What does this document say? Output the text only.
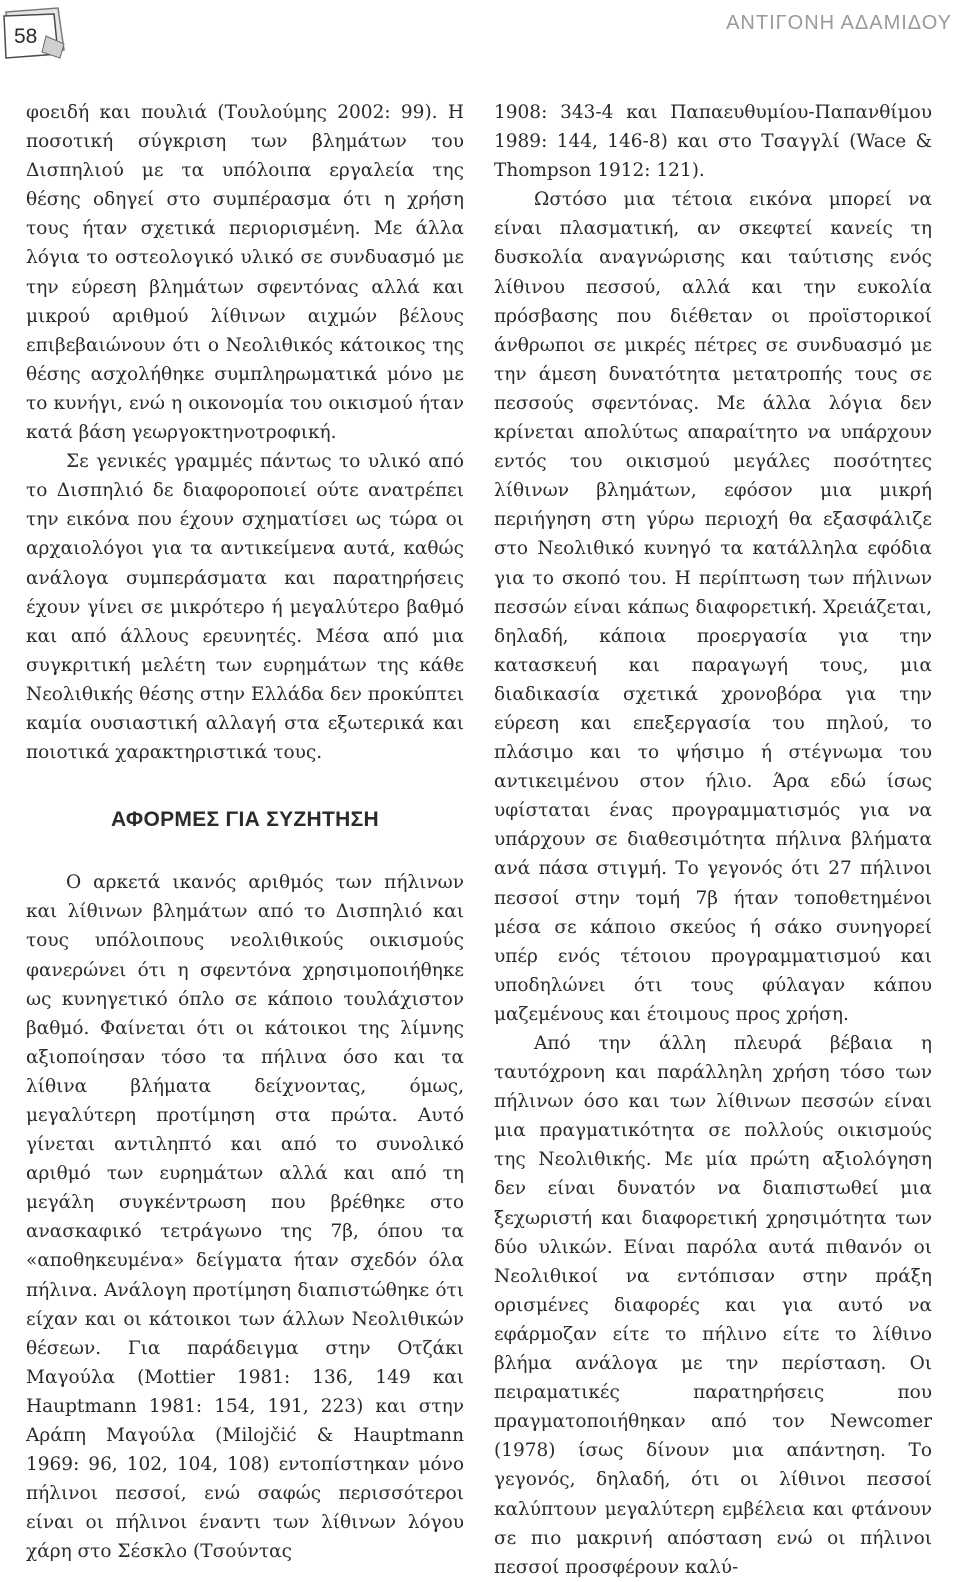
58
ΑΝΤΙΓΟΝΗ ΑΔΑΜΙΔΟΥ

φοειδή και πουλιά (Τουλούμης 2002: 99). Η ποσοτική σύγκριση των βλημάτων του Δισπηλιού με τα υπόλοιπα εργαλεία της θέσης οδηγεί στο συμπέρασμα ότι η χρήση τους ήταν σχετικά περιορισμένη. Με άλλα λόγια το οστεολογικό υλικό σε συνδυασμό με την εύρεση βλημάτων σφεντόνας αλλά και μικρού αριθμού λίθινων αιχμών βέλους επιβεβαιώνουν ότι ο Νεολιθικός κάτοικος της θέσης ασχολήθηκε συμπληρωματικά μόνο με το κυνήγι, ενώ η οικονομία του οικισμού ήταν κατά βάση γεωργοκτηνοτροφική.

Σε γενικές γραμμές πάντως το υλικό από το Δισπηλιό δε διαφοροποιεί ούτε ανατρέπει την εικόνα που έχουν σχηματίσει ως τώρα οι αρχαιολόγοι για τα αντικείμενα αυτά, καθώς ανάλογα συμπεράσματα και παρατηρήσεις έχουν γίνει σε μικρότερο ή μεγαλύτερο βαθμό και από άλλους ερευνητές. Μέσα από μια συγκριτική μελέτη των ευρημάτων της κάθε Νεολιθικής θέσης στην Ελλάδα δεν προκύπτει καμία ουσιαστική αλλαγή στα εξωτερικά και ποιοτικά χαρακτηριστικά τους.

ΑΦΟΡΜΕΣ ΓΙΑ ΣΥΖΗΤΗΣΗ

Ο αρκετά ικανός αριθμός των πήλινων και λίθινων βλημάτων από το Δισπηλιό και τους υπόλοιπους νεολιθικούς οικισμούς φανερώνει ότι η σφεντόνα χρησιμοποιήθηκε ως κυνηγετικό όπλο σε κάποιο τουλάχιστον βαθμό. Φαίνεται ότι οι κάτοικοι της λίμνης αξιοποίησαν τόσο τα πήλινα όσο και τα λίθινα βλήματα δείχνοντας, όμως, μεγαλύτερη προτίμηση στα πρώτα. Αυτό γίνεται αντιληπτό και από το συνολικό αριθμό των ευρημάτων αλλά και από τη μεγάλη συγκέντρωση που βρέθηκε στο ανασκαφικό τετράγωνο της 7β, όπου τα «αποθηκευμένα» δείγματα ήταν σχεδόν όλα πήλινα. Ανάλογη προτίμηση διαπιστώθηκε ότι είχαν και οι κάτοικοι των άλλων Νεολιθικών θέσεων. Για παράδειγμα στην Οτζάκι Μαγούλα (Mottier 1981: 136, 149 και Hauptmann 1981: 154, 191, 223) και στην Αράπη Μαγούλα (Milojčić & Hauptmann 1969: 96, 102, 104, 108) εντοπίστηκαν μόνο πήλινοι πεσσοί, ενώ σαφώς περισσότεροι είναι οι πήλινοι έναντι των λίθινων λόγου χάρη στο Σέσκλο (Τσούντας

1908: 343-4 και Παπαευθυμίου-Παπανθίμου 1989: 144, 146-8) και στο Τσαγγλί (Wace & Thompson 1912: 121).

Ωστόσο μια τέτοια εικόνα μπορεί να είναι πλασματική, αν σκεφτεί κανείς τη δυσκολία αναγνώρισης και ταύτισης ενός λίθινου πεσσού, αλλά και την ευκολία πρόσβασης που διέθεταν οι προϊστορικοί άνθρωποι σε μικρές πέτρες σε συνδυασμό με την άμεση δυνατότητα μετατροπής τους σε πεσσούς σφεντόνας. Με άλλα λόγια δεν κρίνεται απολύτως απαραίτητο να υπάρχουν εντός του οικισμού μεγάλες ποσότητες λίθινων βλημάτων, εφόσον μια μικρή περιήγηση στη γύρω περιοχή θα εξασφάλιζε στο Νεολιθικό κυνηγό τα κατάλληλα εφόδια για το σκοπό του. Η περίπτωση των πήλινων πεσσών είναι κάπως διαφορετική. Χρειάζεται, δηλαδή, κάποια προεργασία για την κατασκευή και παραγωγή τους, μια διαδικασία σχετικά χρονοβόρα για την εύρεση και επεξεργασία του πηλού, το πλάσιμο και το ψήσιμο ή στέγνωμα του αντικειμένου στον ήλιο. Άρα εδώ ίσως υφίσταται ένας προγραμματισμός για να υπάρχουν σε διαθεσιμότητα πήλινα βλήματα ανά πάσα στιγμή. Το γεγονός ότι 27 πήλινοι πεσσοί στην τομή 7β ήταν τοποθετημένοι μέσα σε κάποιο σκεύος ή σάκο συνηγορεί υπέρ ενός τέτοιου προγραμματισμού και υποδηλώνει ότι τους φύλαγαν κάπου μαζεμένους και έτοιμους προς χρήση.

Από την άλλη πλευρά βέβαια η ταυτόχρονη και παράλληλη χρήση τόσο των πήλινων όσο και των λίθινων πεσσών είναι μια πραγματικότητα σε πολλούς οικισμούς της Νεολιθικής. Με μία πρώτη αξιολόγηση δεν είναι δυνατόν να διαπιστωθεί μια ξεχωριστή και διαφορετική χρησιμότητα των δύο υλικών. Είναι παρόλα αυτά πιθανόν οι Νεολιθικοί να εντόπισαν στην πράξη ορισμένες διαφορές και για αυτό να εφάρμοζαν είτε το πήλινο είτε το λίθινο βλήμα ανάλογα με την περίσταση. Οι πειραματικές παρατηρήσεις που πραγματοποιήθηκαν από τον Newcomer (1978) ίσως δίνουν μια απάντηση. Το γεγονός, δηλαδή, ότι οι λίθινοι πεσσοί καλύπτουν μεγαλύτερη εμβέλεια και φτάνουν σε πιο μακρινή απόσταση ενώ οι πήλινοι πεσσοί προσφέρουν καλύ-
